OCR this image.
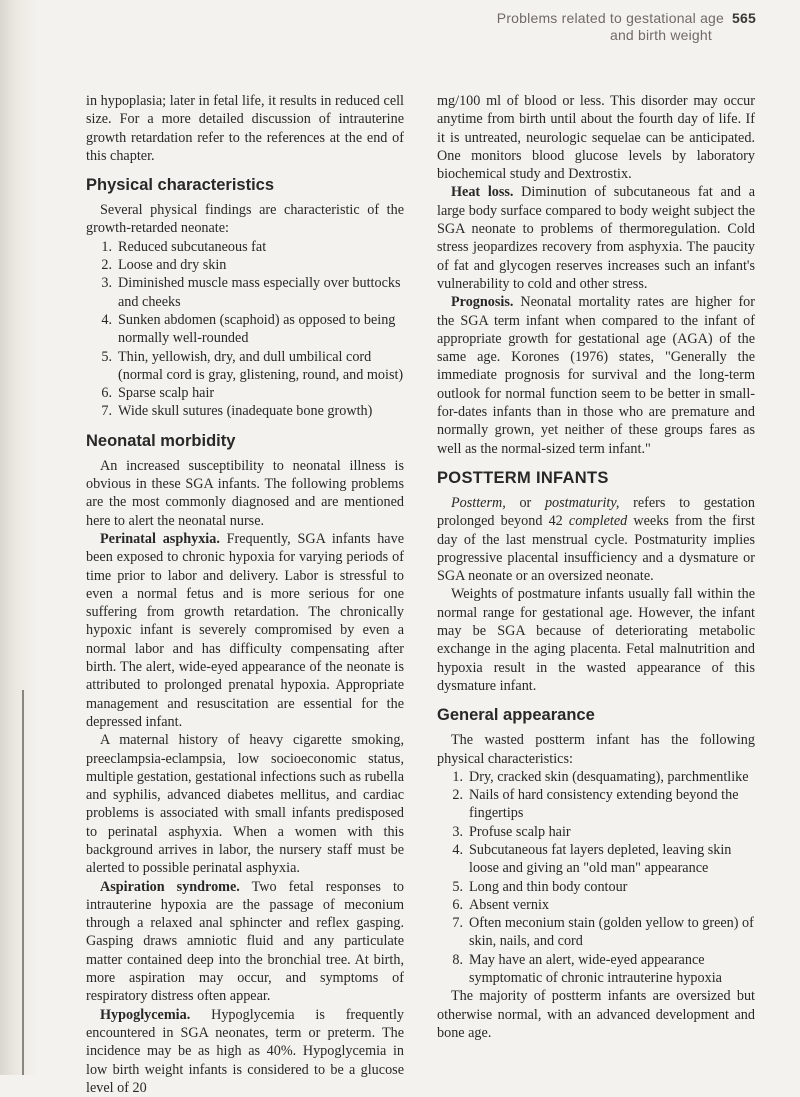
Problems related to gestational age 565
and birth weight

in hypoplasia; later in fetal life, it results in reduced cell size. For a more detailed discussion of intrauterine growth retardation refer to the references at the end of this chapter.

Physical characteristics

Several physical findings are characteristic of the growth-retarded neonate:

1. Reduced subcutaneous fat
2. Loose and dry skin
3. Diminished muscle mass especially over buttocks and cheeks
4. Sunken abdomen (scaphoid) as opposed to being normally well-rounded
5. Thin, yellowish, dry, and dull umbilical cord (normal cord is gray, glistening, round, and moist)
6. Sparse scalp hair
7. Wide skull sutures (inadequate bone growth)
Neonatal morbidity

An increased susceptibility to neonatal illness is obvious in these SGA infants. The following problems are the most commonly diagnosed and are mentioned here to alert the neonatal nurse.

Perinatal asphyxia. Frequently, SGA infants have been exposed to chronic hypoxia for varying periods of time prior to labor and delivery. Labor is stressful to even a normal fetus and is more serious for one suffering from growth retardation. The chronically hypoxic infant is severely compromised by even a normal labor and has difficulty compensating after birth. The alert, wide-eyed appearance of the neonate is attributed to prolonged prenatal hypoxia. Appropriate management and resuscitation are essential for the depressed infant.

A maternal history of heavy cigarette smoking, preeclampsia-eclampsia, low socioeconomic status, multiple gestation, gestational infections such as rubella and syphilis, advanced diabetes mellitus, and cardiac problems is associated with small infants predisposed to perinatal asphyxia. When a women with this background arrives in labor, the nursery staff must be alerted to possible perinatal asphyxia.

Aspiration syndrome. Two fetal responses to intrauterine hypoxia are the passage of meconium through a relaxed anal sphincter and reflex gasping. Gasping draws amniotic fluid and any particulate matter contained deep into the bronchial tree. At birth, more aspiration may occur, and symptoms of respiratory distress often appear.

Hypoglycemia. Hypoglycemia is frequently encountered in SGA neonates, term or preterm. The incidence may be as high as 40%. Hypoglycemia in low birth weight infants is considered to be a glucose level of 20

mg/100 ml of blood or less. This disorder may occur anytime from birth until about the fourth day of life. If it is untreated, neurologic sequelae can be anticipated. One monitors blood glucose levels by laboratory biochemical study and Dextrostix.

Heat loss. Diminution of subcutaneous fat and a large body surface compared to body weight subject the SGA neonate to problems of thermoregulation. Cold stress jeopardizes recovery from asphyxia. The paucity of fat and glycogen reserves increases such an infant's vulnerability to cold and other stress.

Prognosis. Neonatal mortality rates are higher for the SGA term infant when compared to the infant of appropriate growth for gestational age (AGA) of the same age. Korones (1976) states, "Generally the immediate prognosis for survival and the long-term outlook for normal function seem to be better in small-for-dates infants than in those who are premature and normally grown, yet neither of these groups fares as well as the normal-sized term infant."

POSTTERM INFANTS

Postterm, or postmaturity, refers to gestation prolonged beyond 42 completed weeks from the first day of the last menstrual cycle. Postmaturity implies progressive placental insufficiency and a dysmature or SGA neonate or an oversized neonate.

Weights of postmature infants usually fall within the normal range for gestational age. However, the infant may be SGA because of deteriorating metabolic exchange in the aging placenta. Fetal malnutrition and hypoxia result in the wasted appearance of this dysmature infant.

General appearance

The wasted postterm infant has the following physical characteristics:

1. Dry, cracked skin (desquamating), parchmentlike
2. Nails of hard consistency extending beyond the fingertips
3. Profuse scalp hair
4. Subcutaneous fat layers depleted, leaving skin loose and giving an "old man" appearance
5. Long and thin body contour
6. Absent vernix
7. Often meconium stain (golden yellow to green) of skin, nails, and cord
8. May have an alert, wide-eyed appearance symptomatic of chronic intrauterine hypoxia

The majority of postterm infants are oversized but otherwise normal, with an advanced development and bone age.
